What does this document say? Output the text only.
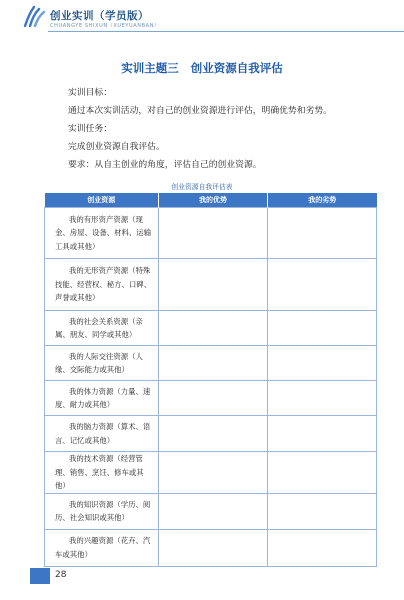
创业实训（学员版）
CHUANGYE SHIXUN（XUEYUANBAN）
实训主题三 创业资源自我评估

实训目标：

通过本次实训活动，对自己的创业资源进行评估，明确优势和劣势。

实训任务：

完成创业资源自我评估。

要求：从自主创业的角度，评估自己的创业资源。

创业资源自我评估表
创业资源	我的优势	我的劣势

我的有形资产资源（现金、房屋、设备、材料、运输工具或其他）		

我的无形资产资源（特殊技能、经营权、秘方、口碑、声誉或其他）		

我的社会关系资源（亲属、朋友、同学或其他）		

我的人际交往资源（人缘、交际能力或其他）		

我的体力资源（力量、速度、耐力或其他）		

我的脑力资源（算术、语言、记忆或其他）		

我的技术资源（经营管理、销售、烹饪、修车或其他）		

我的知识资源（学历、阅历、社会知识或其他）		

我的兴趣资源（花卉、汽车或其他）		

28
